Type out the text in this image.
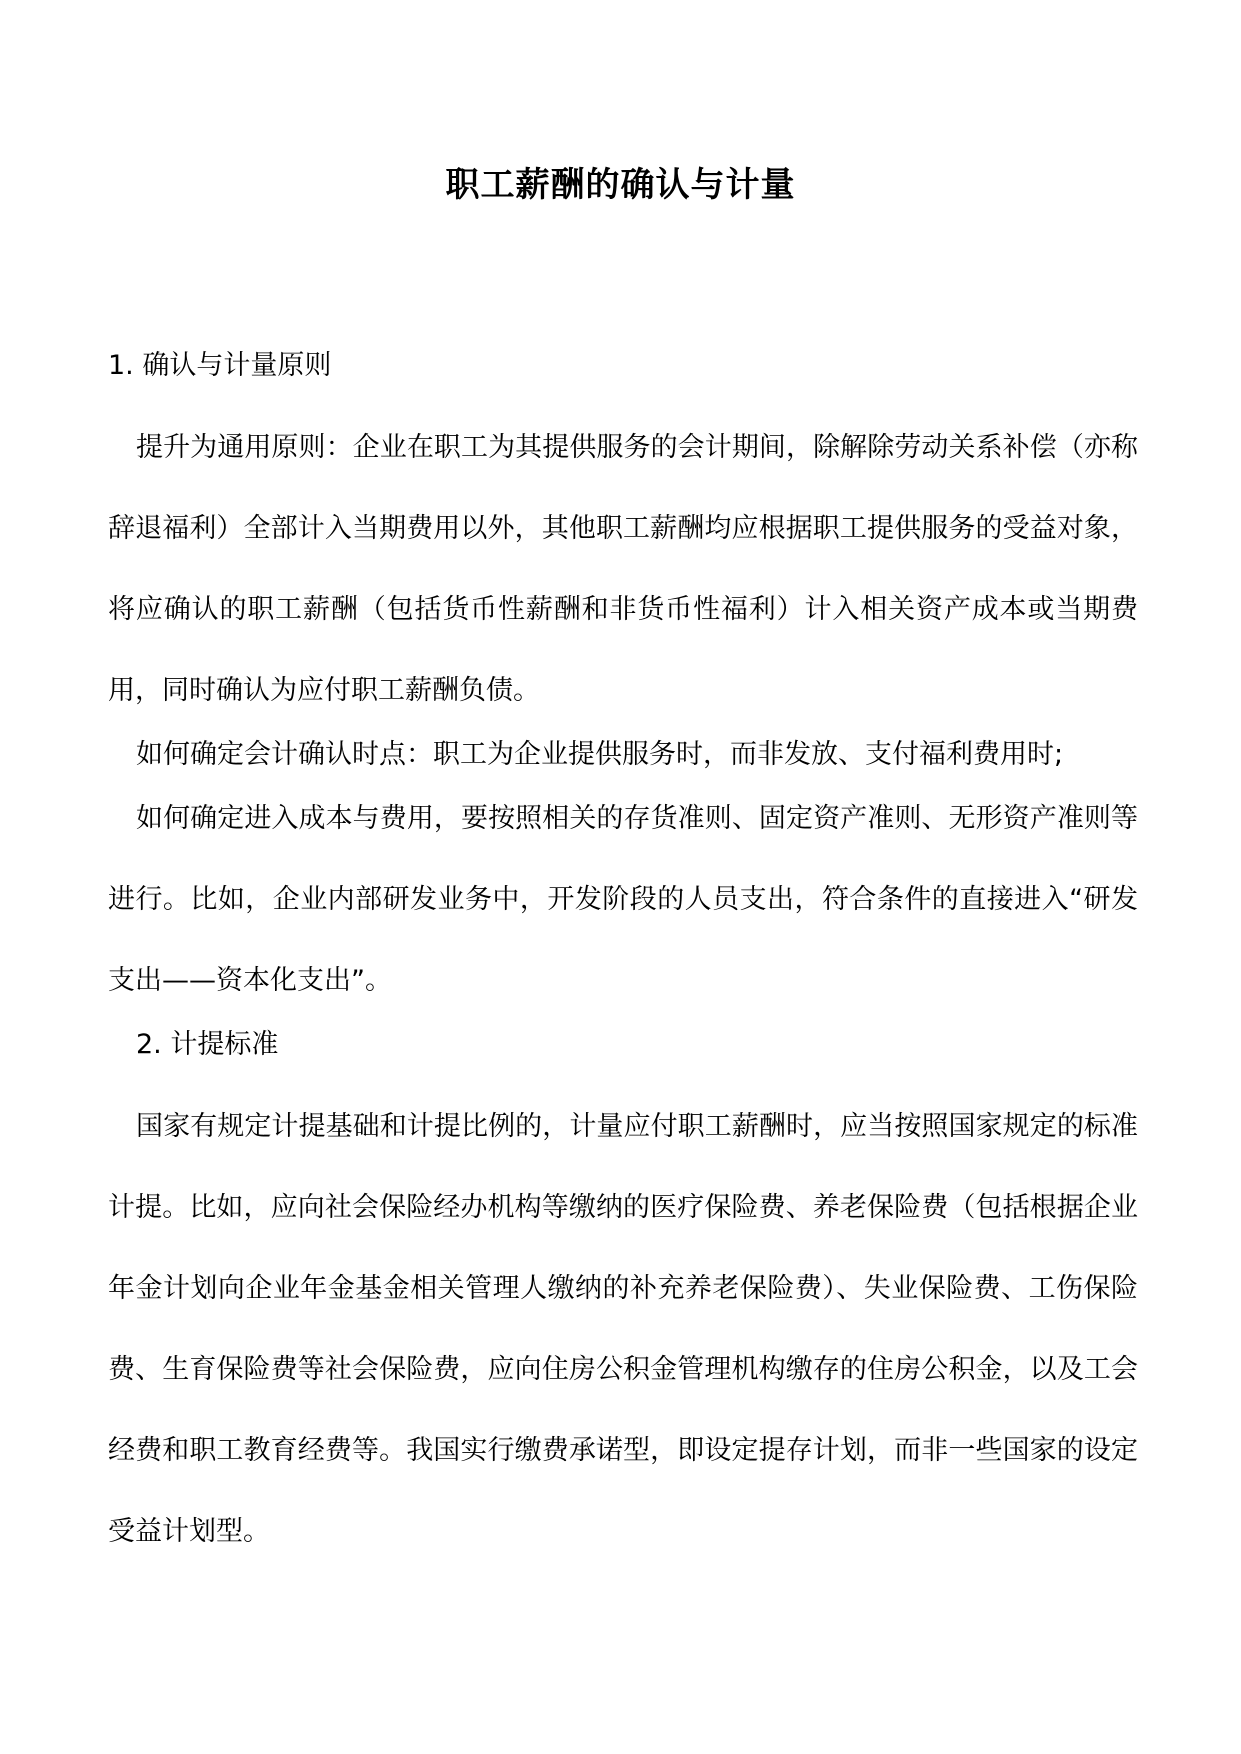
职工薪酬的确认与计量
1. 确认与计量原则

提升为通用原则：企业在职工为其提供服务的会计期间，除解除劳动关系补偿（亦称辞退福利）全部计入当期费用以外，其他职工薪酬均应根据职工提供服务的受益对象，将应确认的职工薪酬（包括货币性薪酬和非货币性福利）计入相关资产成本或当期费用，同时确认为应付职工薪酬负债。

如何确定会计确认时点：职工为企业提供服务时，而非发放、支付福利费用时;

如何确定进入成本与费用，要按照相关的存货准则、固定资产准则、无形资产准则等进行。比如，企业内部研发业务中，开发阶段的人员支出，符合条件的直接进入“研发支出——资本化支出”。

2. 计提标准

国家有规定计提基础和计提比例的，计量应付职工薪酬时，应当按照国家规定的标准计提。比如，应向社会保险经办机构等缴纳的医疗保险费、养老保险费（包括根据企业年金计划向企业年金基金相关管理人缴纳的补充养老保险费）、失业保险费、工伤保险费、生育保险费等社会保险费，应向住房公积金管理机构缴存的住房公积金，以及工会经费和职工教育经费等。我国实行缴费承诺型，即设定提存计划，而非一些国家的设定受益计划型。
